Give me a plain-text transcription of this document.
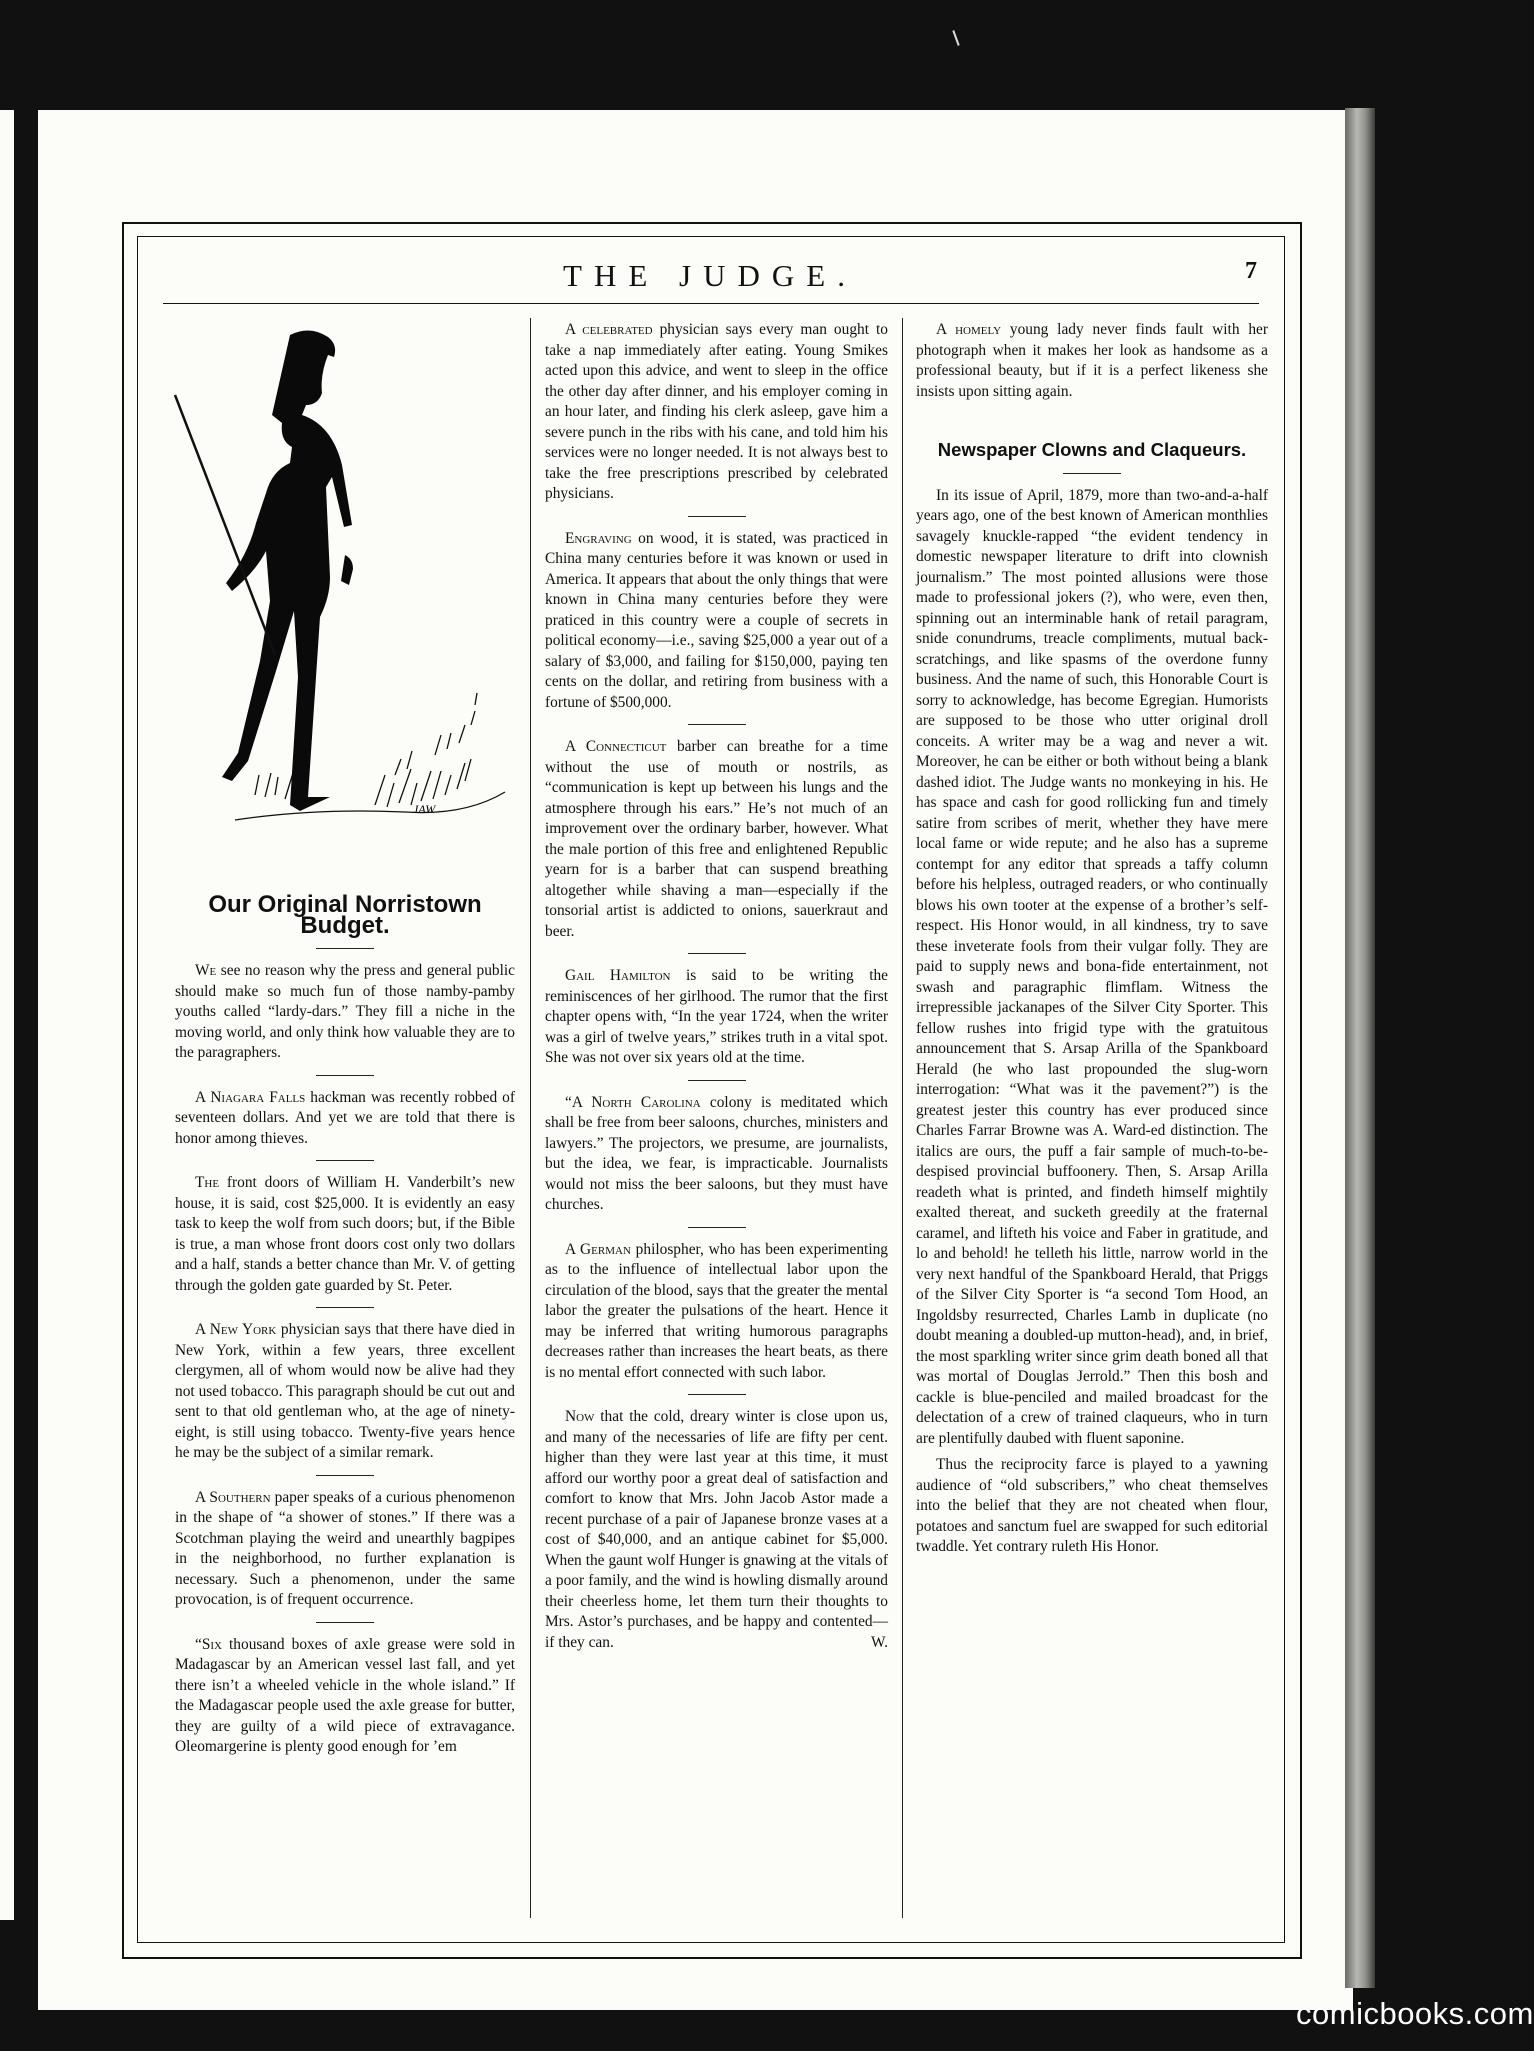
THE JUDGE.	7
JAW
Our Original Norristown Budget.

We see no reason why the press and general public should make so much fun of those namby-pamby youths called “lardy-dars.” They fill a niche in the moving world, and only think how valuable they are to the paragraphers.

A Niagara Falls hackman was recently robbed of seventeen dollars. And yet we are told that there is honor among thieves.

The front doors of William H. Vanderbilt’s new house, it is said, cost $25,000. It is evidently an easy task to keep the wolf from such doors; but, if the Bible is true, a man whose front doors cost only two dollars and a half, stands a better chance than Mr. V. of getting through the golden gate guarded by St. Peter.

A New York physician says that there have died in New York, within a few years, three excellent clergymen, all of whom would now be alive had they not used tobacco. This paragraph should be cut out and sent to that old gentleman who, at the age of ninety-eight, is still using tobacco. Twenty-five years hence he may be the subject of a similar remark.

A Southern paper speaks of a curious phenomenon in the shape of “a shower of stones.” If there was a Scotchman playing the weird and unearthly bagpipes in the neighborhood, no further explanation is necessary. Such a phenomenon, under the same provocation, is of frequent occurrence.

“Six thousand boxes of axle grease were sold in Madagascar by an American vessel last fall, and yet there isn’t a wheeled vehicle in the whole island.” If the Madagascar people used the axle grease for butter, they are guilty of a wild piece of extravagance. Oleomargerine is plenty good enough for ’em

A celebrated physician says every man ought to take a nap immediately after eating. Young Smikes acted upon this advice, and went to sleep in the office the other day after dinner, and his employer coming in an hour later, and finding his clerk asleep, gave him a severe punch in the ribs with his cane, and told him his services were no longer needed. It is not always best to take the free prescriptions prescribed by celebrated physicians.

Engraving on wood, it is stated, was practiced in China many centuries before it was known or used in America. It appears that about the only things that were known in China many centuries before they were praticed in this country were a couple of secrets in political economy—i.e., saving $25,000 a year out of a salary of $3,000, and failing for $150,000, paying ten cents on the dollar, and retiring from business with a fortune of $500,000.

A Connecticut barber can breathe for a time without the use of mouth or nostrils, as “communication is kept up between his lungs and the atmosphere through his ears.” He’s not much of an improvement over the ordinary barber, however. What the male portion of this free and enlightened Republic yearn for is a barber that can suspend breathing altogether while shaving a man—especially if the tonsorial artist is addicted to onions, sauerkraut and beer.

Gail Hamilton is said to be writing the reminiscences of her girlhood. The rumor that the first chapter opens with, “In the year 1724, when the writer was a girl of twelve years,” strikes truth in a vital spot. She was not over six years old at the time.

“A North Carolina colony is meditated which shall be free from beer saloons, churches, ministers and lawyers.” The projectors, we presume, are journalists, but the idea, we fear, is impracticable. Journalists would not miss the beer saloons, but they must have churches.

A German philospher, who has been experimenting as to the influence of intellectual labor upon the circulation of the blood, says that the greater the mental labor the greater the pulsations of the heart. Hence it may be inferred that writing humorous paragraphs decreases rather than increases the heart beats, as there is no mental effort connected with such labor.

Now that the cold, dreary winter is close upon us, and many of the necessaries of life are fifty per cent. higher than they were last year at this time, it must afford our worthy poor a great deal of satisfaction and comfort to know that Mrs. John Jacob Astor made a recent purchase of a pair of Japanese bronze vases at a cost of $40,000, and an antique cabinet for $5,000. When the gaunt wolf Hunger is gnawing at the vitals of a poor family, and the wind is howling dismally around their cheerless home, let them turn their thoughts to Mrs. Astor’s purchases, and be happy and contented—if they can.	W.

A homely young lady never finds fault with her photograph when it makes her look as handsome as a professional beauty, but if it is a perfect likeness she insists upon sitting again.

Newspaper Clowns and Claqueurs.

In its issue of April, 1879, more than two-and-a-half years ago, one of the best known of American monthlies savagely knuckle-rapped “the evident tendency in domestic newspaper literature to drift into clownish journalism.” The most pointed allusions were those made to professional jokers (?), who were, even then, spinning out an interminable hank of retail paragram, snide conundrums, treacle compliments, mutual back-scratchings, and like spasms of the overdone funny business. And the name of such, this Honorable Court is sorry to acknowledge, has become Egregian. Humorists are supposed to be those who utter original droll conceits. A writer may be a wag and never a wit. Moreover, he can be either or both without being a blank dashed idiot. The Judge wants no monkeying in his. He has space and cash for good rollicking fun and timely satire from scribes of merit, whether they have mere local fame or wide repute; and he also has a supreme contempt for any editor that spreads a taffy column before his helpless, outraged readers, or who continually blows his own tooter at the expense of a brother’s self-respect. His Honor would, in all kindness, try to save these inveterate fools from their vulgar folly. They are paid to supply news and bona-fide entertainment, not swash and paragraphic flimflam. Witness the irrepressible jackanapes of the Silver City Sporter. This fellow rushes into frigid type with the gratuitous announcement that S. Arsap Arilla of the Spankboard Herald (he who last propounded the slug-worn interrogation: “What was it the pavement?”) is the greatest jester this country has ever produced since Charles Farrar Browne was A. Ward-ed distinction. The italics are ours, the puff a fair sample of much-to-be-despised provincial buffoonery. Then, S. Arsap Arilla readeth what is printed, and findeth himself mightily exalted thereat, and sucketh greedily at the fraternal caramel, and lifteth his voice and Faber in gratitude, and lo and behold! he telleth his little, narrow world in the very next handful of the Spankboard Herald, that Priggs of the Silver City Sporter is “a second Tom Hood, an Ingoldsby resurrected, Charles Lamb in duplicate (no doubt meaning a doubled-up mutton-head), and, in brief, the most sparkling writer since grim death boned all that was mortal of Douglas Jerrold.” Then this bosh and cackle is blue-penciled and mailed broadcast for the delectation of a crew of trained claqueurs, who in turn are plentifully daubed with fluent saponine.

Thus the reciprocity farce is played to a yawning audience of “old subscribers,” who cheat themselves into the belief that they are not cheated when flour, potatoes and sanctum fuel are swapped for such editorial twaddle. Yet contrary ruleth His Honor.

comicbooks.com
